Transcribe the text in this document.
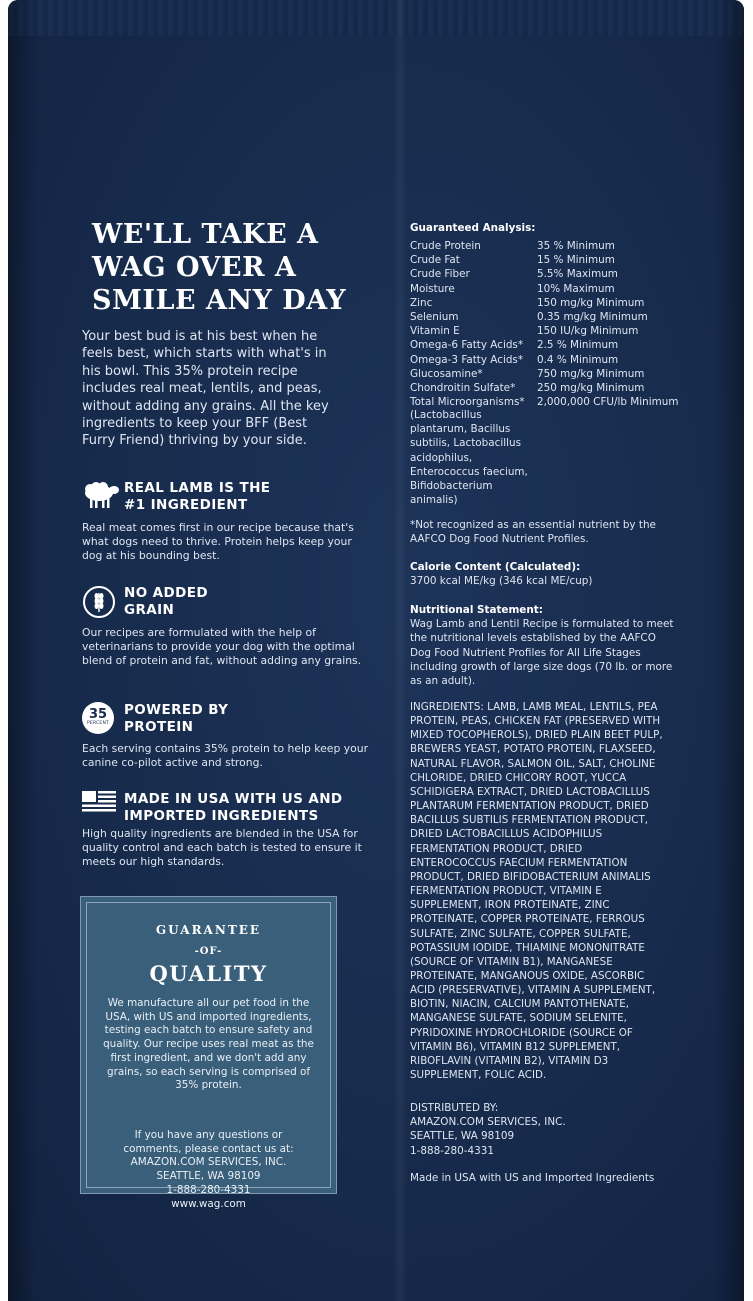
WE'LL TAKE A
WAG OVER A
SMILE ANY DAY

Your best bud is at his best when he feels best, which starts with what's in his bowl. This 35% protein recipe includes real meat, lentils, and peas, without adding any grains. All the key ingredients to keep your BFF (Best Furry Friend) thriving by your side.

REAL LAMB IS THE
#1 INGREDIENT

Real meat comes first in our recipe because that's what dogs need to thrive. Protein helps keep your dog at his bounding best.

NO ADDED
GRAIN

Our recipes are formulated with the help of veterinarians to provide your dog with the optimal blend of protein and fat, without adding any grains.

35
PERCENT
POWERED BY
PROTEIN

Each serving contains 35% protein to help keep your canine co-pilot active and strong.

MADE IN USA WITH US AND
IMPORTED INGREDIENTS

High quality ingredients are blended in the USA for quality control and each batch is tested to ensure it meets our high standards.

GUARANTEE
-OF-
QUALITY

We manufacture all our pet food in the USA, with US and imported ingredients, testing each batch to ensure safety and quality. Our recipe uses real meat as the first ingredient, and we don't add any grains, so each serving is comprised of 35% protein.

If you have any questions or
comments, please contact us at:
AMAZON.COM SERVICES, INC.
SEATTLE, WA 98109
1-888-280-4331
www.wag.com

Guaranteed Analysis:
Crude Protein	35 % Minimum
Crude Fat	15 % Minimum
Crude Fiber	5.5% Maximum
Moisture	10% Maximum
Zinc	150 mg/kg Minimum
Selenium	0.35 mg/kg Minimum
Vitamin E	150 IU/kg Minimum
Omega-6 Fatty Acids* 2.5 % Minimum
Omega-3 Fatty Acids* 0.4 % Minimum
Glucosamine*	750 mg/kg Minimum
Chondroitin Sulfate* 250 mg/kg Minimum
Total Microorganisms* 2,000,000 CFU/lb Minimum
(Lactobacillus
plantarum, Bacillus
subtilis, Lactobacillus
acidophilus,
Enterococcus faecium,
Bifidobacterium
animalis)
*Not recognized as an essential nutrient by the
AAFCO Dog Food Nutrient Profiles.
Calorie Content (Calculated):
3700 kcal ME/kg (346 kcal ME/cup)
Nutritional Statement:
Wag Lamb and Lentil Recipe is formulated to meet
the nutritional levels established by the AAFCO
Dog Food Nutrient Profiles for All Life Stages
including growth of large size dogs (70 lb. or more
as an adult).

INGREDIENTS: LAMB, LAMB MEAL, LENTILS, PEA
PROTEIN, PEAS, CHICKEN FAT (PRESERVED WITH
MIXED TOCOPHEROLS), DRIED PLAIN BEET PULP,
BREWERS YEAST, POTATO PROTEIN, FLAXSEED,
NATURAL FLAVOR, SALMON OIL, SALT, CHOLINE
CHLORIDE, DRIED CHICORY ROOT, YUCCA
SCHIDIGERA EXTRACT, DRIED LACTOBACILLUS
PLANTARUM FERMENTATION PRODUCT, DRIED
BACILLUS SUBTILIS FERMENTATION PRODUCT,
DRIED LACTOBACILLUS ACIDOPHILUS
FERMENTATION PRODUCT, DRIED
ENTEROCOCCUS FAECIUM FERMENTATION
PRODUCT, DRIED BIFIDOBACTERIUM ANIMALIS
FERMENTATION PRODUCT, VITAMIN E
SUPPLEMENT, IRON PROTEINATE, ZINC
PROTEINATE, COPPER PROTEINATE, FERROUS
SULFATE, ZINC SULFATE, COPPER SULFATE,
POTASSIUM IODIDE, THIAMINE MONONITRATE
(SOURCE OF VITAMIN B1), MANGANESE
PROTEINATE, MANGANOUS OXIDE, ASCORBIC
ACID (PRESERVATIVE), VITAMIN A SUPPLEMENT,
BIOTIN, NIACIN, CALCIUM PANTOTHENATE,
MANGANESE SULFATE, SODIUM SELENITE,
PYRIDOXINE HYDROCHLORIDE (SOURCE OF
VITAMIN B6), VITAMIN B12 SUPPLEMENT,
RIBOFLAVIN (VITAMIN B2), VITAMIN D3
SUPPLEMENT, FOLIC ACID.

DISTRIBUTED BY:
AMAZON.COM SERVICES, INC.
SEATTLE, WA 98109
1-888-280-4331
Made in USA with US and Imported Ingredients
